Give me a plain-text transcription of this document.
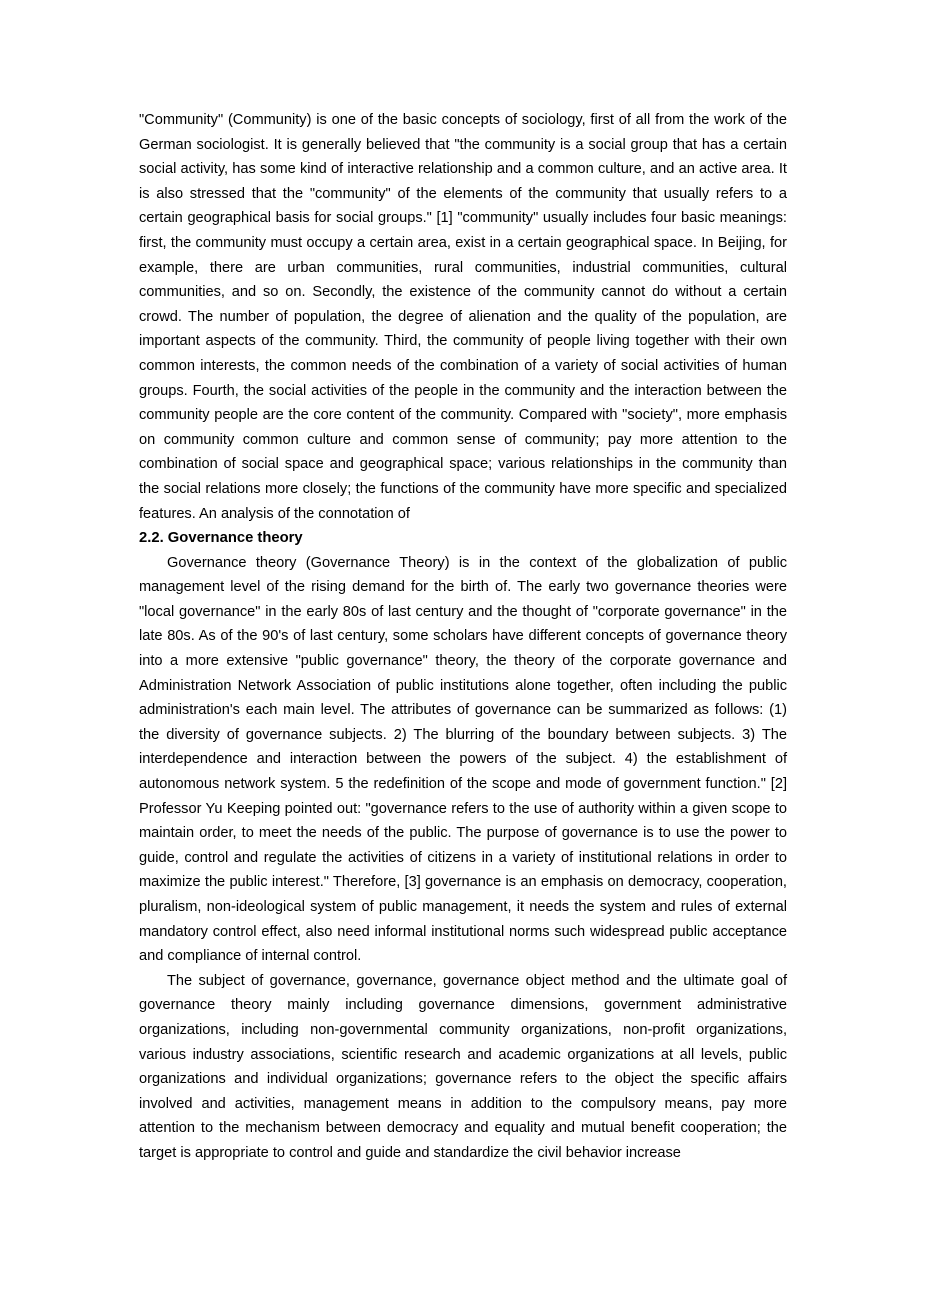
"Community" (Community) is one of the basic concepts of sociology, first of all from the work of the German sociologist. It is generally believed that "the community is a social group that has a certain social activity, has some kind of interactive relationship and a common culture, and an active area. It is also stressed that the "community" of the elements of the community that usually refers to a certain geographical basis for social groups." [1] "community" usually includes four basic meanings: first, the community must occupy a certain area, exist in a certain geographical space. In Beijing, for example, there are urban communities, rural communities, industrial communities, cultural communities, and so on. Secondly, the existence of the community cannot do without a certain crowd. The number of population, the degree of alienation and the quality of the population, are important aspects of the community. Third, the community of people living together with their own common interests, the common needs of the combination of a variety of social activities of human groups. Fourth, the social activities of the people in the community and the interaction between the community people are the core content of the community. Compared with "society", more emphasis on community common culture and common sense of community; pay more attention to the combination of social space and geographical space; various relationships in the community than the social relations more closely; the functions of the community have more specific and specialized features. An analysis of the connotation of

2.2. Governance theory

Governance theory (Governance Theory) is in the context of the globalization of public management level of the rising demand for the birth of. The early two governance theories were "local governance" in the early 80s of last century and the thought of "corporate governance" in the late 80s. As of the 90's of last century, some scholars have different concepts of governance theory into a more extensive "public governance" theory, the theory of the corporate governance and Administration Network Association of public institutions alone together, often including the public administration's each main level. The attributes of governance can be summarized as follows: (1) the diversity of governance subjects. 2) The blurring of the boundary between subjects. 3) The interdependence and interaction between the powers of the subject. 4) the establishment of autonomous network system. 5 the redefinition of the scope and mode of government function." [2] Professor Yu Keeping pointed out: "governance refers to the use of authority within a given scope to maintain order, to meet the needs of the public. The purpose of governance is to use the power to guide, control and regulate the activities of citizens in a variety of institutional relations in order to maximize the public interest." Therefore, [3] governance is an emphasis on democracy, cooperation, pluralism, non-ideological system of public management, it needs the system and rules of external mandatory control effect, also need informal institutional norms such widespread public acceptance and compliance of internal control.

The subject of governance, governance, governance object method and the ultimate goal of governance theory mainly including governance dimensions, government administrative organizations, including non-governmental community organizations, non-profit organizations, various industry associations, scientific research and academic organizations at all levels, public organizations and individual organizations; governance refers to the object the specific affairs involved and activities, management means in addition to the compulsory means, pay more attention to the mechanism between democracy and equality and mutual benefit cooperation; the target is appropriate to control and guide and standardize the civil behavior increase
